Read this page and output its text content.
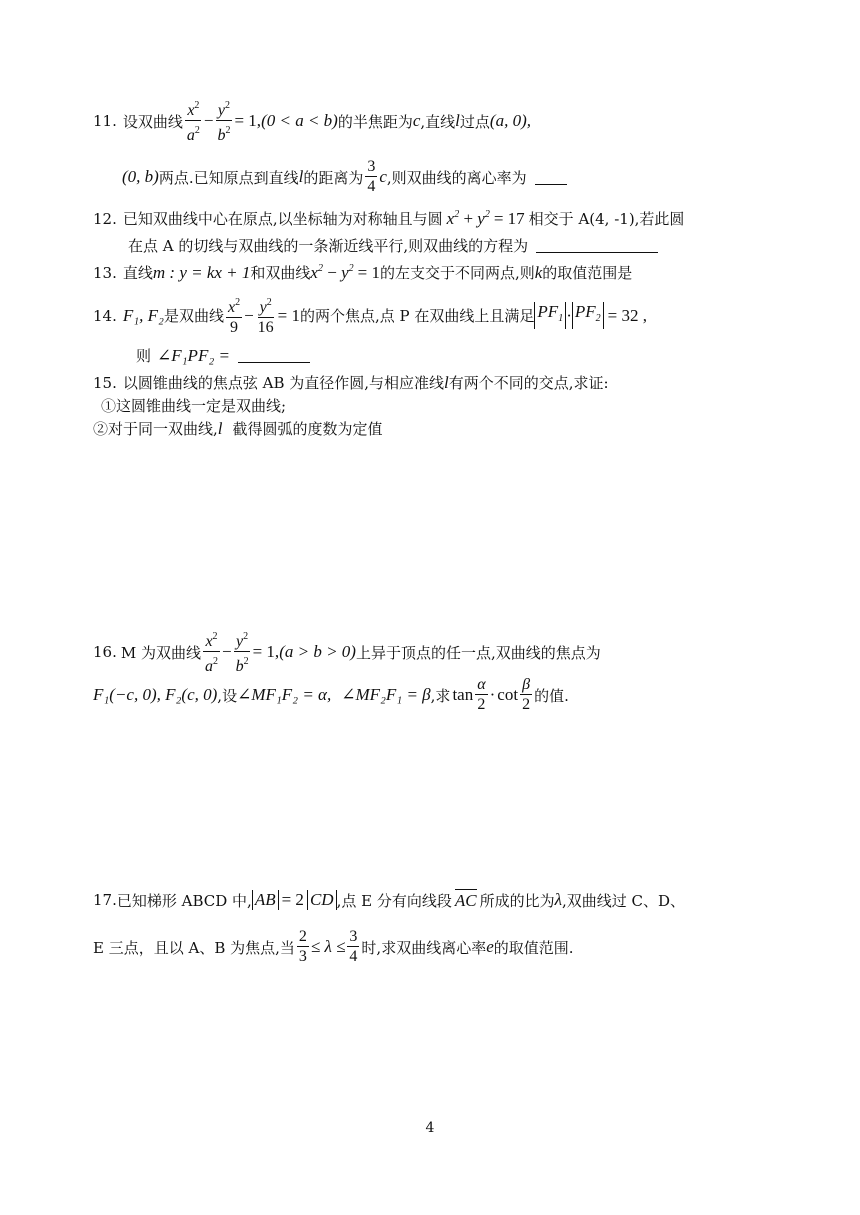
11. 设双曲线 $\frac{x^2}{a^2} - \frac{y^2}{b^2} = 1$, (0 < a < b) 的半焦距为 c ,直线 l 过点 (a, 0),
(0, b) 两点.已知原点到直线 l 的距离为 $\frac{3}{4}$ c ,则双曲线的离心率为
12. 已知双曲线中心在原点,以坐标轴为对称轴且与圆 $x^2 + y^2 = 17$ 相交于 A(4, -1),若此圆
在点 A 的切线与双曲线的一条渐近线平行,则双曲线的方程为
13. 直线 m : y = kx + 1 和双曲线 $x^2 - y^2 = 1$ 的左支交于不同两点,则 k 的取值范围是
14. F₁, F₂ 是双曲线 $\frac{x^2}{9} - \frac{y^2}{16} = 1$ 的两个焦点,点 P 在双曲线上且满足 $PF_1 \cdot PF_2 = 32$ ,
则 ∠F₁PF₂ =
15. 以圆锥曲线的焦点弦 AB 为直径作圆,与相应准线 l 有两个不同的交点,求证:
①这圆锥曲线一定是双曲线;
②对于同一双曲线, l 截得圆弧的度数为定值
16. M 为双曲线 $\frac{x^2}{a^2} - \frac{y^2}{b^2} = 1$, (a > b > 0) 上异于顶点的任一点,双曲线的焦点为
F₁(−c, 0), F₂(c, 0) ,设 ∠MF₁F₂ = α, ∠MF₂F₁ = β ,求 $\tan \frac{\alpha}{2} \cdot \cot \frac{\beta}{2}$ 的值.
17. 已知梯形 ABCD 中, AB = 2 CD ,点 E 分有向线段 AC 所成的比为 λ ,双曲线过 C、D、
E 三点，且以 A、B 为焦点,当 $\frac{2}{3} \le \lambda \le \frac{3}{4}$ 时,求双曲线离心率 e 的取值范围.
4
